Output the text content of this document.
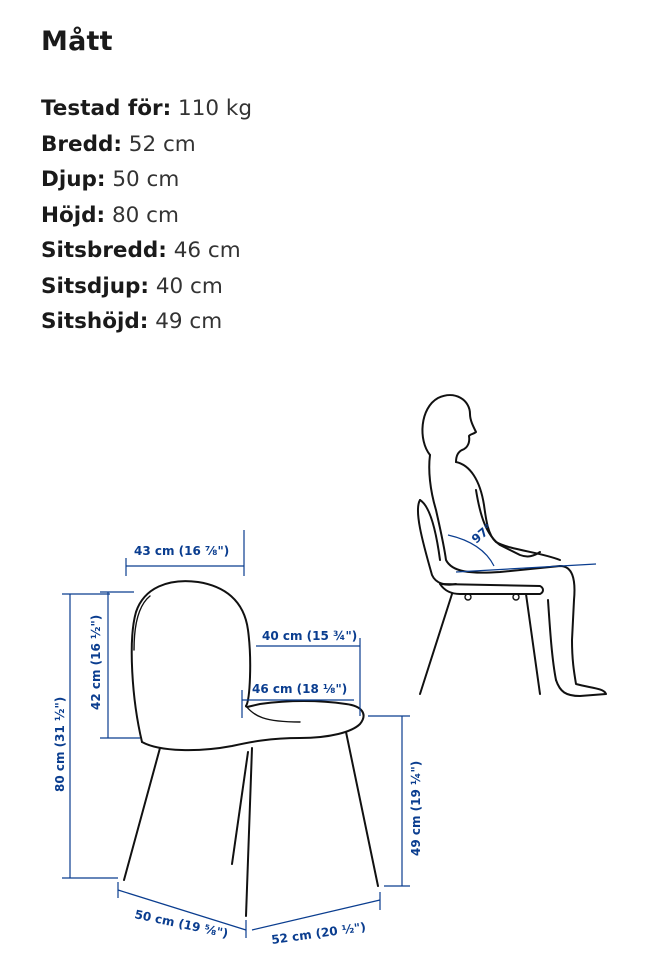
Mått
Testad för: 110 kg
Bredd: 52 cm
Djup: 50 cm
Höjd: 80 cm
Sitsbredd: 46 cm
Sitsdjup: 40 cm
Sitshöjd: 49 cm
97°
43 cm (16 ⅞")
40 cm (15 ¾")
46 cm (18 ⅛")
42 cm (16 ½")
80 cm (31 ½")
49 cm (19 ¼")
50 cm (19 ⅝")	52 cm (20 ½")
